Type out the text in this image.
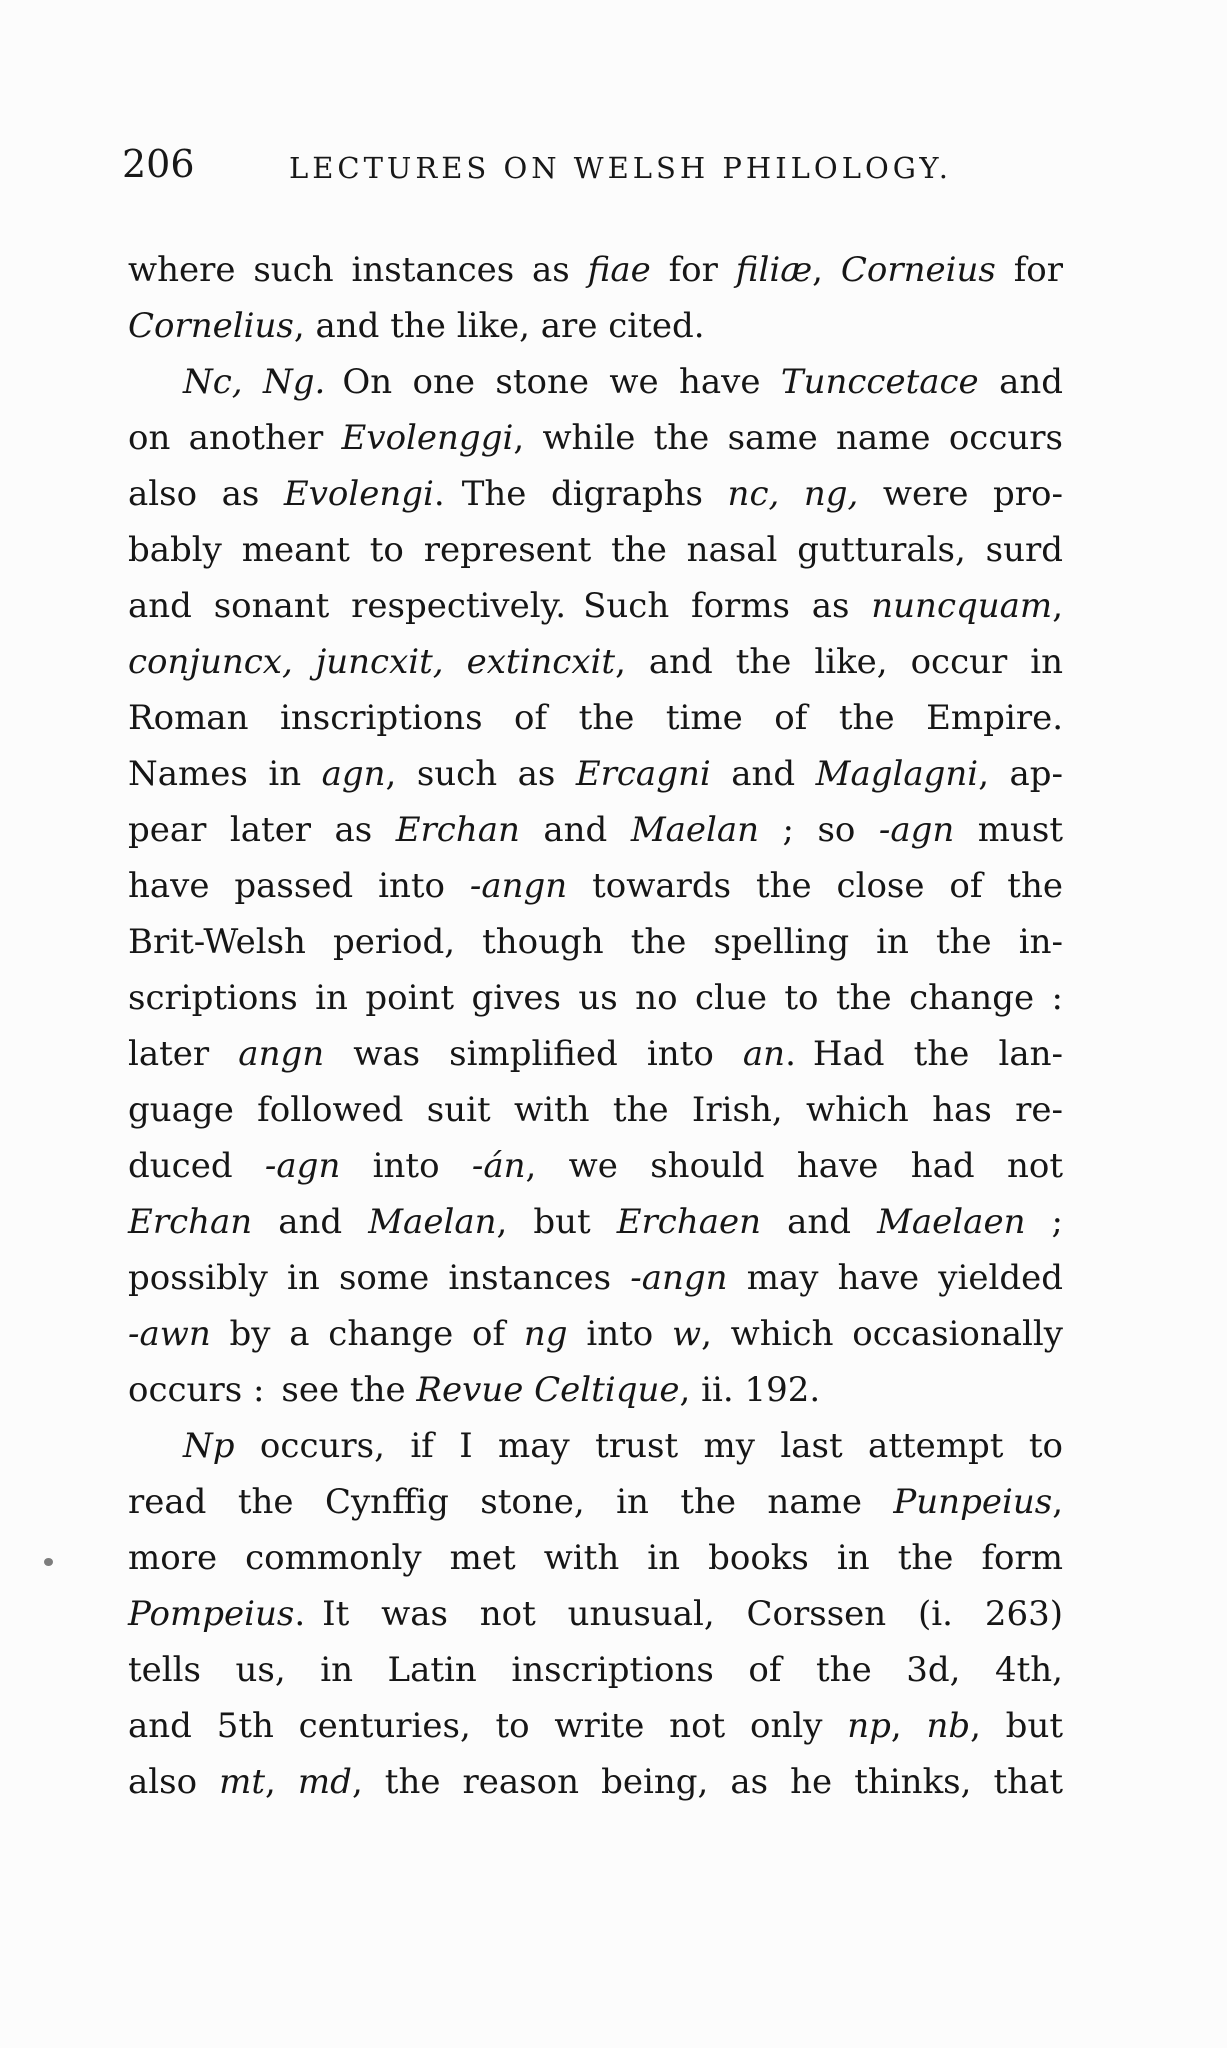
206	LECTURES ON WELSH PHILOLOGY.
where such instances as fiae for filiæ, Corneius for
Cornelius, and the like, are cited.
Nc, Ng. On one stone we have Tunccetace and
on another Evolenggi, while the same name occurs
also as Evolengi. The digraphs nc, ng, were pro-
bably meant to represent the nasal gutturals, surd
and sonant respectively. Such forms as nuncquam,
conjuncx, juncxit, extincxit, and the like, occur in
Roman inscriptions of the time of the Empire.
Names in agn, such as Ercagni and Maglagni, ap-
pear later as Erchan and Maelan ; so -agn must
have passed into -angn towards the close of the
Brit-Welsh period, though the spelling in the in-
scriptions in point gives us no clue to the change :
later angn was simplified into an. Had the lan-
guage followed suit with the Irish, which has re-
duced -agn into -án, we should have had not
Erchan and Maelan, but Erchaen and Maelaen ;
possibly in some instances -angn may have yielded
-awn by a change of ng into w, which occasionally
occurs : see the Revue Celtique, ii. 192.
Np occurs, if I may trust my last attempt to
read the Cynffig stone, in the name Punpeius,
more commonly met with in books in the form
Pompeius. It was not unusual, Corssen (i. 263)
tells us, in Latin inscriptions of the 3d, 4th,
and 5th centuries, to write not only np, nb, but
also mt, md, the reason being, as he thinks, that
